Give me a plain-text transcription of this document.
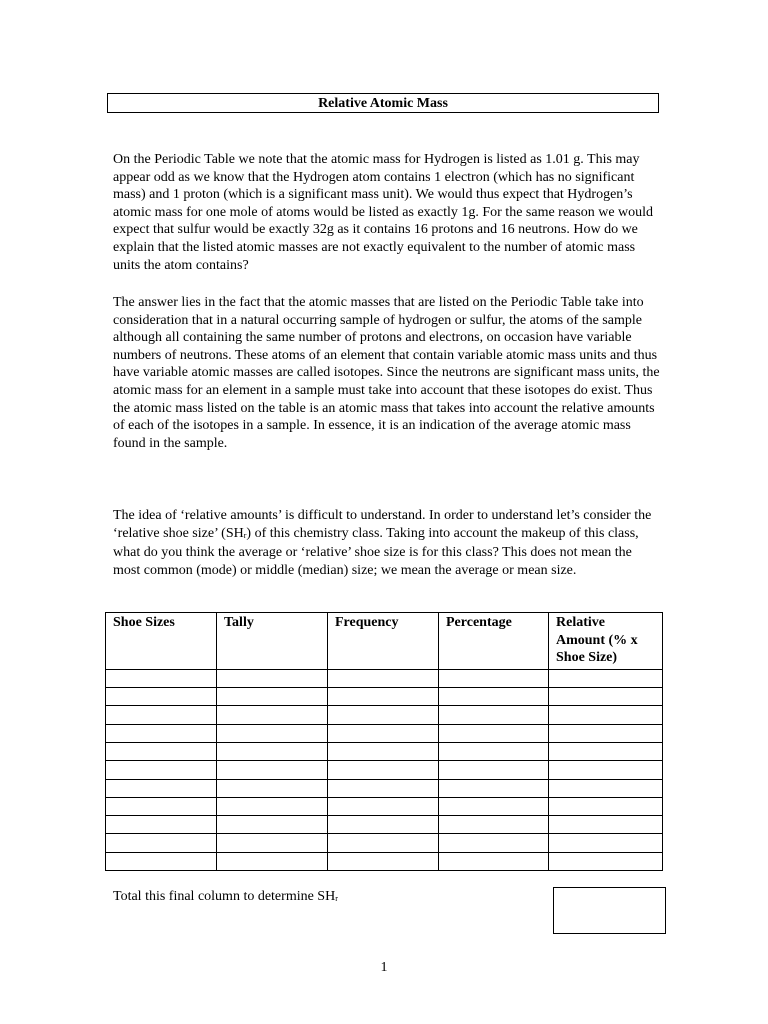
Relative Atomic Mass

On the Periodic Table we note that the atomic mass for Hydrogen is listed as 1.01 g. This may appear odd as we know that the Hydrogen atom contains 1 electron (which has no significant mass) and 1 proton (which is a significant mass unit). We would thus expect that Hydrogen’s atomic mass for one mole of atoms would be listed as exactly 1g. For the same reason we would expect that sulfur would be exactly 32g as it contains 16 protons and 16 neutrons. How do we explain that the listed atomic masses are not exactly equivalent to the number of atomic mass units the atom contains?

The answer lies in the fact that the atomic masses that are listed on the Periodic Table take into consideration that in a natural occurring sample of hydrogen or sulfur, the atoms of the sample although all containing the same number of protons and electrons, on occasion have variable numbers of neutrons. These atoms of an element that contain variable atomic mass units and thus have variable atomic masses are called isotopes. Since the neutrons are significant mass units, the atomic mass for an element in a sample must take into account that these isotopes do exist. Thus the atomic mass listed on the table is an atomic mass that takes into account the relative amounts of each of the isotopes in a sample. In essence, it is an indication of the average atomic mass found in the sample.

The idea of ‘relative amounts’ is difficult to understand. In order to understand let’s consider the ‘relative shoe size’ (SHr) of this chemistry class. Taking into account the makeup of this class, what do you think the average or ‘relative’ shoe size is for this class? This does not mean the most common (mode) or middle (median) size; we mean the average or mean size.

Shoe Sizes	Tally	Frequency	Percentage	Relative Amount (% x Shoe Size)

Total this final column to determine $SH_r$
1
